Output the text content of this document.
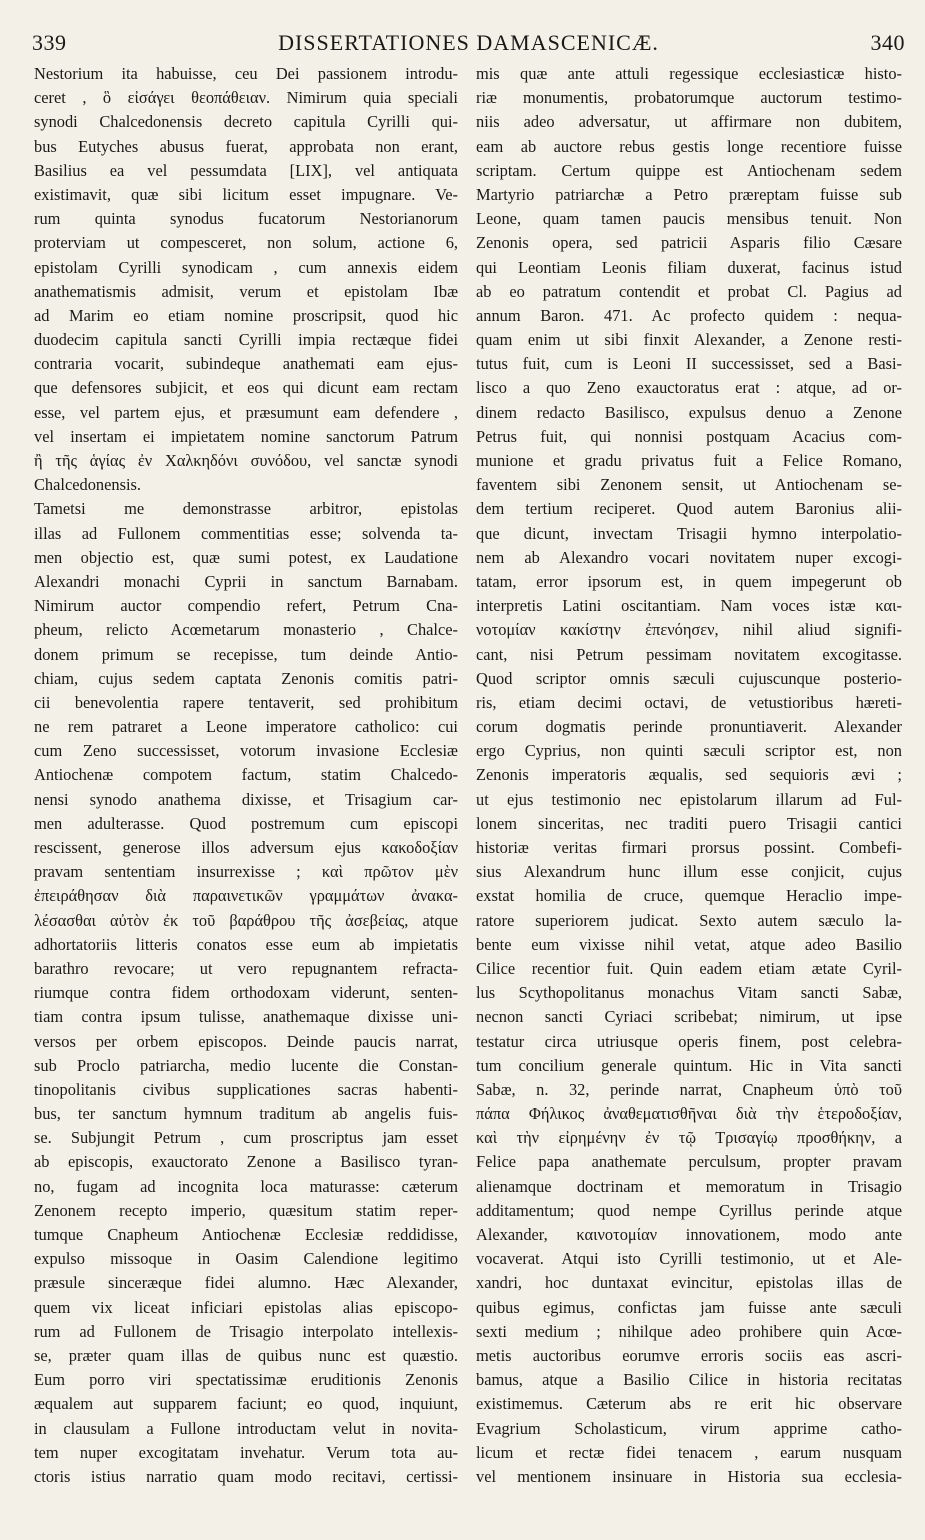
339	DISSERTATIONES DAMASCENICÆ.	340
Nestorium ita habuisse, ceu Dei passionem introdu-
ceret , ὃ εἰσάγει θεοπάθειαν. Nimirum quia speciali
synodi Chalcedonensis decreto capitula Cyrilli qui-
bus Eutyches abusus fuerat, approbata non erant,
Basilius ea vel pessumdata [LIX], vel antiquata
existimavit, quæ sibi licitum esset impugnare. Ve-
rum quinta synodus fucatorum Nestorianorum
proterviam ut compesceret, non solum, actione 6,
epistolam Cyrilli synodicam , cum annexis eidem
anathematismis admisit, verum et epistolam Ibæ
ad Marim eo etiam nomine proscripsit, quod hic
duodecim capitula sancti Cyrilli impia rectæque fidei
contraria vocarit, subindeque anathemati eam ejus-
que defensores subjicit, et eos qui dicunt eam rectam
esse, vel partem ejus, et præsumunt eam defendere ,
vel insertam ei impietatem nomine sanctorum Patrum
ἢ τῆς ἁγίας ἐν Χαλκηδόνι συνόδου, vel sanctæ synodi
Chalcedonensis.
Tametsi me demonstrasse arbitror, epistolas
illas ad Fullonem commentitias esse; solvenda ta-
men objectio est, quæ sumi potest, ex Laudatione
Alexandri monachi Cyprii in sanctum Barnabam.
Nimirum auctor compendio refert, Petrum Cna-
pheum, relicto Acœmetarum monasterio , Chalce-
donem primum se recepisse, tum deinde Antio-
chiam, cujus sedem captata Zenonis comitis patri-
cii benevolentia rapere tentaverit, sed prohibitum
ne rem patraret a Leone imperatore catholico: cui
cum Zeno successisset, votorum invasione Ecclesiæ
Antiochenæ compotem factum, statim Chalcedo-
nensi synodo anathema dixisse, et Trisagium car-
men adulterasse. Quod postremum cum episcopi
rescissent, generose illos adversum ejus κακοδοξίαν
pravam sententiam insurrexisse ; καὶ πρῶτον μὲν
ἐπειράθησαν διὰ παραινετικῶν γραμμάτων ἀνακα-
λέσασθαι αὐτὸν ἐκ τοῦ βαράθρου τῆς ἀσεβείας, atque
adhortatoriis litteris conatos esse eum ab impietatis
barathro revocare; ut vero repugnantem refracta-
riumque contra fidem orthodoxam viderunt, senten-
tiam contra ipsum tulisse, anathemaque dixisse uni-
versos per orbem episcopos. Deinde paucis narrat,
sub Proclo patriarcha, medio lucente die Constan-
tinopolitanis civibus supplicationes sacras habenti-
bus, ter sanctum hymnum traditum ab angelis fuis-
se. Subjungit Petrum , cum proscriptus jam esset
ab episcopis, exauctorato Zenone a Basilisco tyran-
no, fugam ad incognita loca maturasse: cæterum
Zenonem recepto imperio, quæsitum statim reper-
tumque Cnapheum Antiochenæ Ecclesiæ reddidisse,
expulso missoque in Oasim Calendione legitimo
præsule sinceræque fidei alumno. Hæc Alexander,
quem vix liceat inficiari epistolas alias episcopo-
rum ad Fullonem de Trisagio interpolato intellexis-
se, præter quam illas de quibus nunc est quæstio.
Eum porro viri spectatissimæ eruditionis Zenonis
æqualem aut supparem faciunt; eo quod, inquiunt,
in clausulam a Fullone introductam velut in novita-
tem nuper excogitatam invehatur. Verum tota au-
ctoris istius narratio quam modo recitavi, certissi-
mis quæ ante attuli regessique ecclesiasticæ histo-
riæ monumentis, probatorumque auctorum testimo-
niis adeo adversatur, ut affirmare non dubitem,
eam ab auctore rebus gestis longe recentiore fuisse
scriptam. Certum quippe est Antiochenam sedem
Martyrio patriarchæ a Petro præreptam fuisse sub
Leone, quam tamen paucis mensibus tenuit. Non
Zenonis opera, sed patricii Asparis filio Cæsare
qui Leontiam Leonis filiam duxerat, facinus istud
ab eo patratum contendit et probat Cl. Pagius ad
annum Baron. 471. Ac profecto quidem : nequa-
quam enim ut sibi finxit Alexander, a Zenone resti-
tutus fuit, cum is Leoni II successisset, sed a Basi-
lisco a quo Zeno exauctoratus erat : atque, ad or-
dinem redacto Basilisco, expulsus denuo a Zenone
Petrus fuit, qui nonnisi postquam Acacius com-
munione et gradu privatus fuit a Felice Romano,
faventem sibi Zenonem sensit, ut Antiochenam se-
dem tertium reciperet. Quod autem Baronius alii-
que dicunt, invectam Trisagii hymno interpolatio-
nem ab Alexandro vocari novitatem nuper excogi-
tatam, error ipsorum est, in quem impegerunt ob
interpretis Latini oscitantiam. Nam voces istæ και-
νοτομίαν κακίστην ἐπενόησεν, nihil aliud signifi-
cant, nisi Petrum pessimam novitatem excogitasse.
Quod scriptor omnis sæculi cujuscunque posterio-
ris, etiam decimi octavi, de vetustioribus hæreti-
corum dogmatis perinde pronuntiaverit. Alexander
ergo Cyprius, non quinti sæculi scriptor est, non
Zenonis imperatoris æqualis, sed sequioris ævi ;
ut ejus testimonio nec epistolarum illarum ad Ful-
lonem sinceritas, nec traditi puero Trisagii cantici
historiæ veritas firmari prorsus possint. Combefi-
sius Alexandrum hunc illum esse conjicit, cujus
exstat homilia de cruce, quemque Heraclio impe-
ratore superiorem judicat. Sexto autem sæculo la-
bente eum vixisse nihil vetat, atque adeo Basilio
Cilice recentior fuit. Quin eadem etiam ætate Cyril-
lus Scythopolitanus monachus Vitam sancti Sabæ,
necnon sancti Cyriaci scribebat; nimirum, ut ipse
testatur circa utriusque operis finem, post celebra-
tum concilium generale quintum. Hic in Vita sancti
Sabæ, n. 32, perinde narrat, Cnapheum ὑπὸ τοῦ
πάπα Φήλικος ἀναθεματισθῆναι διὰ τὴν ἑτεροδοξίαν,
καὶ τὴν εἰρημένην ἐν τῷ Τρισαγίῳ προσθήκην, a
Felice papa anathemate perculsum, propter pravam
alienamque doctrinam et memoratum in Trisagio
additamentum; quod nempe Cyrillus perinde atque
Alexander, καινοτομίαν innovationem, modo ante
vocaverat. Atqui isto Cyrilli testimonio, ut et Ale-
xandri, hoc duntaxat evincitur, epistolas illas de
quibus egimus, confictas jam fuisse ante sæculi
sexti medium ; nihilque adeo prohibere quin Acœ-
metis auctoribus eorumve erroris sociis eas ascri-
bamus, atque a Basilio Cilice in historia recitatas
existimemus. Cæterum abs re erit hic observare
Evagrium Scholasticum, virum apprime catho-
licum et rectæ fidei tenacem , earum nusquam
vel mentionem insinuare in Historia sua ecclesia-
